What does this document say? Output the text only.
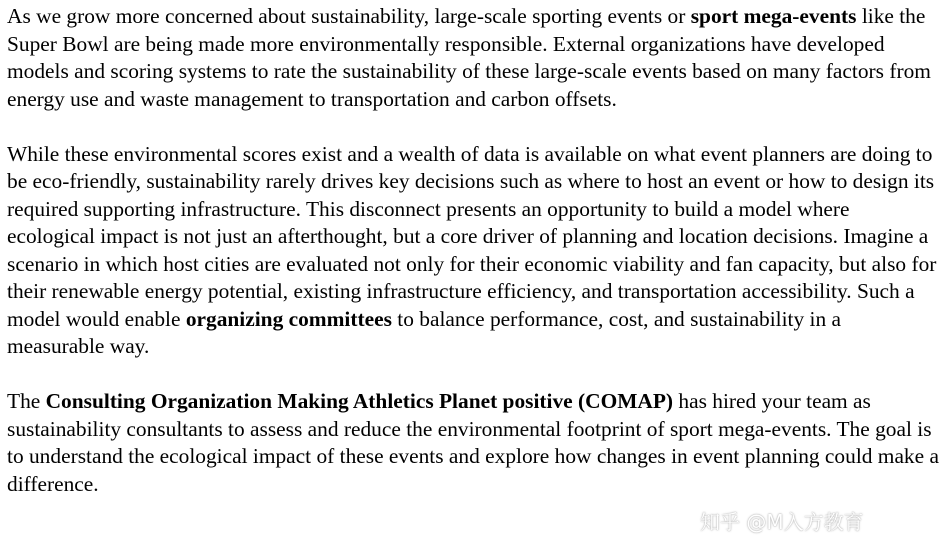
As we grow more concerned about sustainability, large-scale sporting events or sport mega-events like the Super Bowl are being made more environmentally responsible. External organizations have developed models and scoring systems to rate the sustainability of these large-scale events based on many factors from energy use and waste management to transportation and carbon offsets.

While these environmental scores exist and a wealth of data is available on what event planners are doing to be eco-friendly, sustainability rarely drives key decisions such as where to host an event or how to design its required supporting infrastructure. This disconnect presents an opportunity to build a model where ecological impact is not just an afterthought, but a core driver of planning and location decisions. Imagine a scenario in which host cities are evaluated not only for their economic viability and fan capacity, but also for their renewable energy potential, existing infrastructure efficiency, and transportation accessibility. Such a model would enable organizing committees to balance performance, cost, and sustainability in a measurable way.

The Consulting Organization Making Athletics Planet positive (COMAP) has hired your team as sustainability consultants to assess and reduce the environmental footprint of sport mega-events. The goal is to understand the ecological impact of these events and explore how changes in event planning could make a difference.

知乎 @M入方教育
